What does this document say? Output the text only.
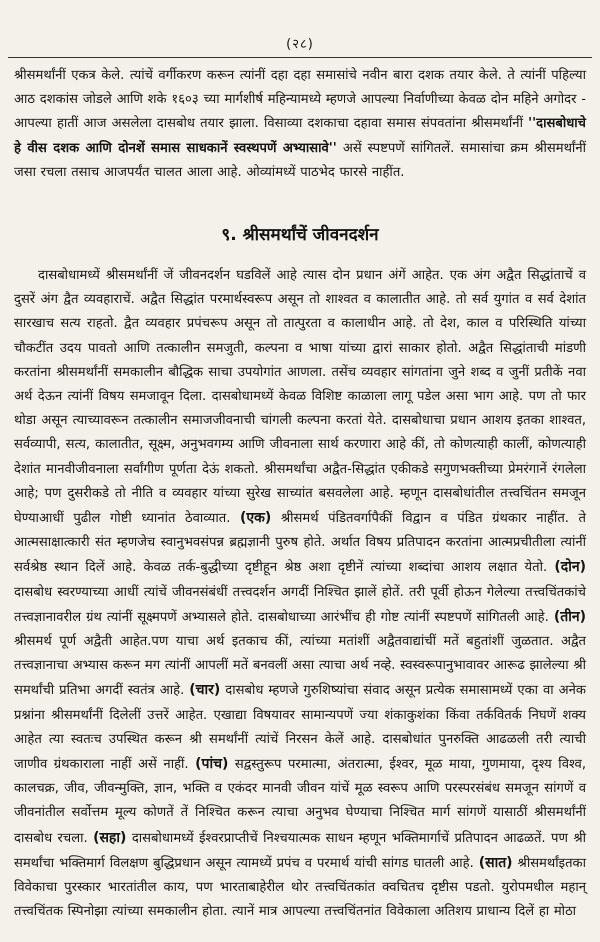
(२८)

श्रीसमर्थांनीं एकत्र केले. त्यांचें वर्गीकरण करून त्यांनीं दहा दहा समासांचे नवीन बारा दशक तयार केले. ते त्यांनीं पहिल्या आठ दशकांस जोडले आणि शके १६०३ च्या मार्गशीर्ष महिन्यामध्ये म्हणजे आपल्या निर्वाणीच्या केवळ दोन महिने अगोदर - आपल्या हातीं आज असलेला दासबोध तयार झाला. विसाव्या दशकाचा दहावा समास संपवतांना श्रीसमर्थांनीं ''दासबोधाचे हे वीस दशक आणि दोनशें समास साधकानें स्वस्थपणें अभ्यासावे'' असें स्पष्टपणें सांगितलें. समासांचा क्रम श्रीसमर्थांनीं जसा रचला तसाच आजपर्यंत चालत आला आहे. ओव्यांमध्यें पाठभेद फारसे नाहींत.

९. श्रीसमर्थांचें जीवनदर्शन

दासबोधामध्यें श्रीसमर्थांनीं जें जीवनदर्शन घडविलें आहे त्यास दोन प्रधान अंगें आहेत. एक अंग अद्वैत सिद्धांताचें व दुसरें अंग द्वैत व्यवहाराचें. अद्वैत सिद्धांत परमार्थस्वरूप असून तो शाश्वत व कालातीत आहे. तो सर्व युगांत व सर्व देशांत सारखाच सत्य राहतो. द्वैत व्यवहार प्रपंचरूप असून तो तात्पुरता व कालाधीन आहे. तो देश, काल व परिस्थिति यांच्या चौकटींत उदय पावतो आणि तत्कालीन समजुती, कल्पना व भाषा यांच्या द्वारां साकार होतो. अद्वैत सिद्धांताची मांडणी करतांना श्रीसमर्थांनीं समकालीन बौद्धिक साचा उपयोगांत आणला. तसेंच व्यवहार सांगतांना जुने शब्द व जुनीं प्रतीकें नवा अर्थ देऊन त्यांनीं विषय समजावून दिला. दासबोधामध्यें केवळ विशिष्ट काळाला लागू पडेल असा भाग आहे. पण तो फार थोडा असून त्याच्यावरून तत्कालीन समाजजीवनाची चांगली कल्पना करतां येते. दासबोधाचा प्रधान आशय इतका शाश्वत, सर्वव्यापी, सत्य, कालातीत, सूक्ष्म, अनुभवगम्य आणि जीवनाला सार्थ करणारा आहे कीं, तो कोणत्याही कालीं, कोणत्याही देशांत मानवीजीवनाला सर्वांगीण पूर्णता देऊं शकतो. श्रीसमर्थांचा अद्वैत-सिद्धांत एकीकडे सगुणभक्तीच्या प्रेमरंगानें रंगलेला आहे; पण दुसरीकडे तो नीति व व्यवहार यांच्या सुरेख साच्यांत बसवलेला आहे. म्हणून दासबोधांतील तत्त्वचिंतन समजून घेण्याआधीं पुढील गोष्टी ध्यानांत ठेवाव्यात. (एक) श्रीसमर्थ पंडितवर्गापैकीं विद्वान व पंडित ग्रंथकार नाहींत. ते आत्मसाक्षात्कारी संत म्हणजेच स्वानुभवसंपन्न ब्रह्मज्ञानी पुरुष होते. अर्थात विषय प्रतिपादन करतांना आत्मप्रचीतीला त्यांनीं सर्वश्रेष्ठ स्थान दिलें आहे. केवळ तर्क-बुद्धीच्या दृष्टीहून श्रेष्ठ अशा दृष्टीनें त्यांच्या शब्दांचा आशय लक्षात येतो. (दोन) दासबोध स्वरण्याच्या आधीं त्यांचें जीवनसंबंधीं तत्त्वदर्शन अगदीं निश्चित झालें होतें. तरी पूर्वी होऊन गेलेल्या तत्त्वचिंतकांचे तत्त्वज्ञानावरील ग्रंथ त्यांनीं सूक्ष्मपणें अभ्यासले होते. दासबोधाच्या आरंभींच ही गोष्ट त्यांनीं स्पष्टपणें सांगितली आहे. (तीन) श्रीसमर्थ पूर्ण अद्वैती आहेत.पण याचा अर्थ इतकाच कीं, त्यांच्या मतांशीं अद्वैतवाद्यांचीं मतें बहुतांशीं जुळतात. अद्वैत तत्त्वज्ञानाचा अभ्यास करून मग त्यांनीं आपलीं मतें बनवलीं असा त्याचा अर्थ नव्हे. स्वस्वरूपानुभावावर आरूढ झालेल्या श्री समर्थांची प्रतिभा अगदीं स्वतंत्र आहे. (चार) दासबोध म्हणजे गुरुशिष्यांचा संवाद असून प्रत्येक समासामध्यें एका वा अनेक प्रश्नांना श्रीसमर्थांनीं दिलेलीं उत्तरें आहेत. एखाद्या विषयावर सामान्यपणें ज्या शंकाकुशंका किंवा तर्कवितर्क निघणें शक्य आहेत त्या स्वतःच उपस्थित करून श्री समर्थांनीं त्यांचें निरसन केलें आहे. दासबोधांत पुनरुक्ति आढळली तरी त्याची जाणीव ग्रंथकाराला नाहीं असें नाहीं. (पांच) सद्वस्तुरूप परमात्मा, अंतरात्मा, ईश्वर, मूळ माया, गुणमाया, दृश्य विश्व, कालचक्र, जीव, जीवन्मुक्ति, ज्ञान, भक्ति व एकंदर मानवी जीवन यांचें मूळ स्वरूप आणि परस्परसंबंध समजून सांगणें व जीवनांतील सर्वोत्तम मूल्य कोणतें तें निश्चित करून त्याचा अनुभव घेण्याचा निश्चित मार्ग सांगणें यासाठीं श्रीसमर्थांनीं दासबोध रचला. (सहा) दासबोधामध्यें ईश्वरप्राप्तीचें निश्चयात्मक साधन म्हणून भक्तिमार्गाचें प्रतिपादन आढळतें. पण श्री समर्थांचा भक्तिमार्ग विलक्षण बुद्धिप्रधान असून त्यामध्यें प्रपंच व परमार्थ यांची सांगड घातली आहे. (सात) श्रीसमर्थांइतका विवेकाचा पुरस्कार भारतांतील काय, पण भारताबाहेरील थोर तत्त्वचिंतकांत क्वचितच दृष्टीस पडतो. युरोपमधील महान् तत्त्वचिंतक स्पिनोझा त्यांच्या समकालीन होता. त्यानें मात्र आपल्या तत्त्वचिंतनांत विवेकाला अतिशय प्राधान्य दिलें हा मोठा
